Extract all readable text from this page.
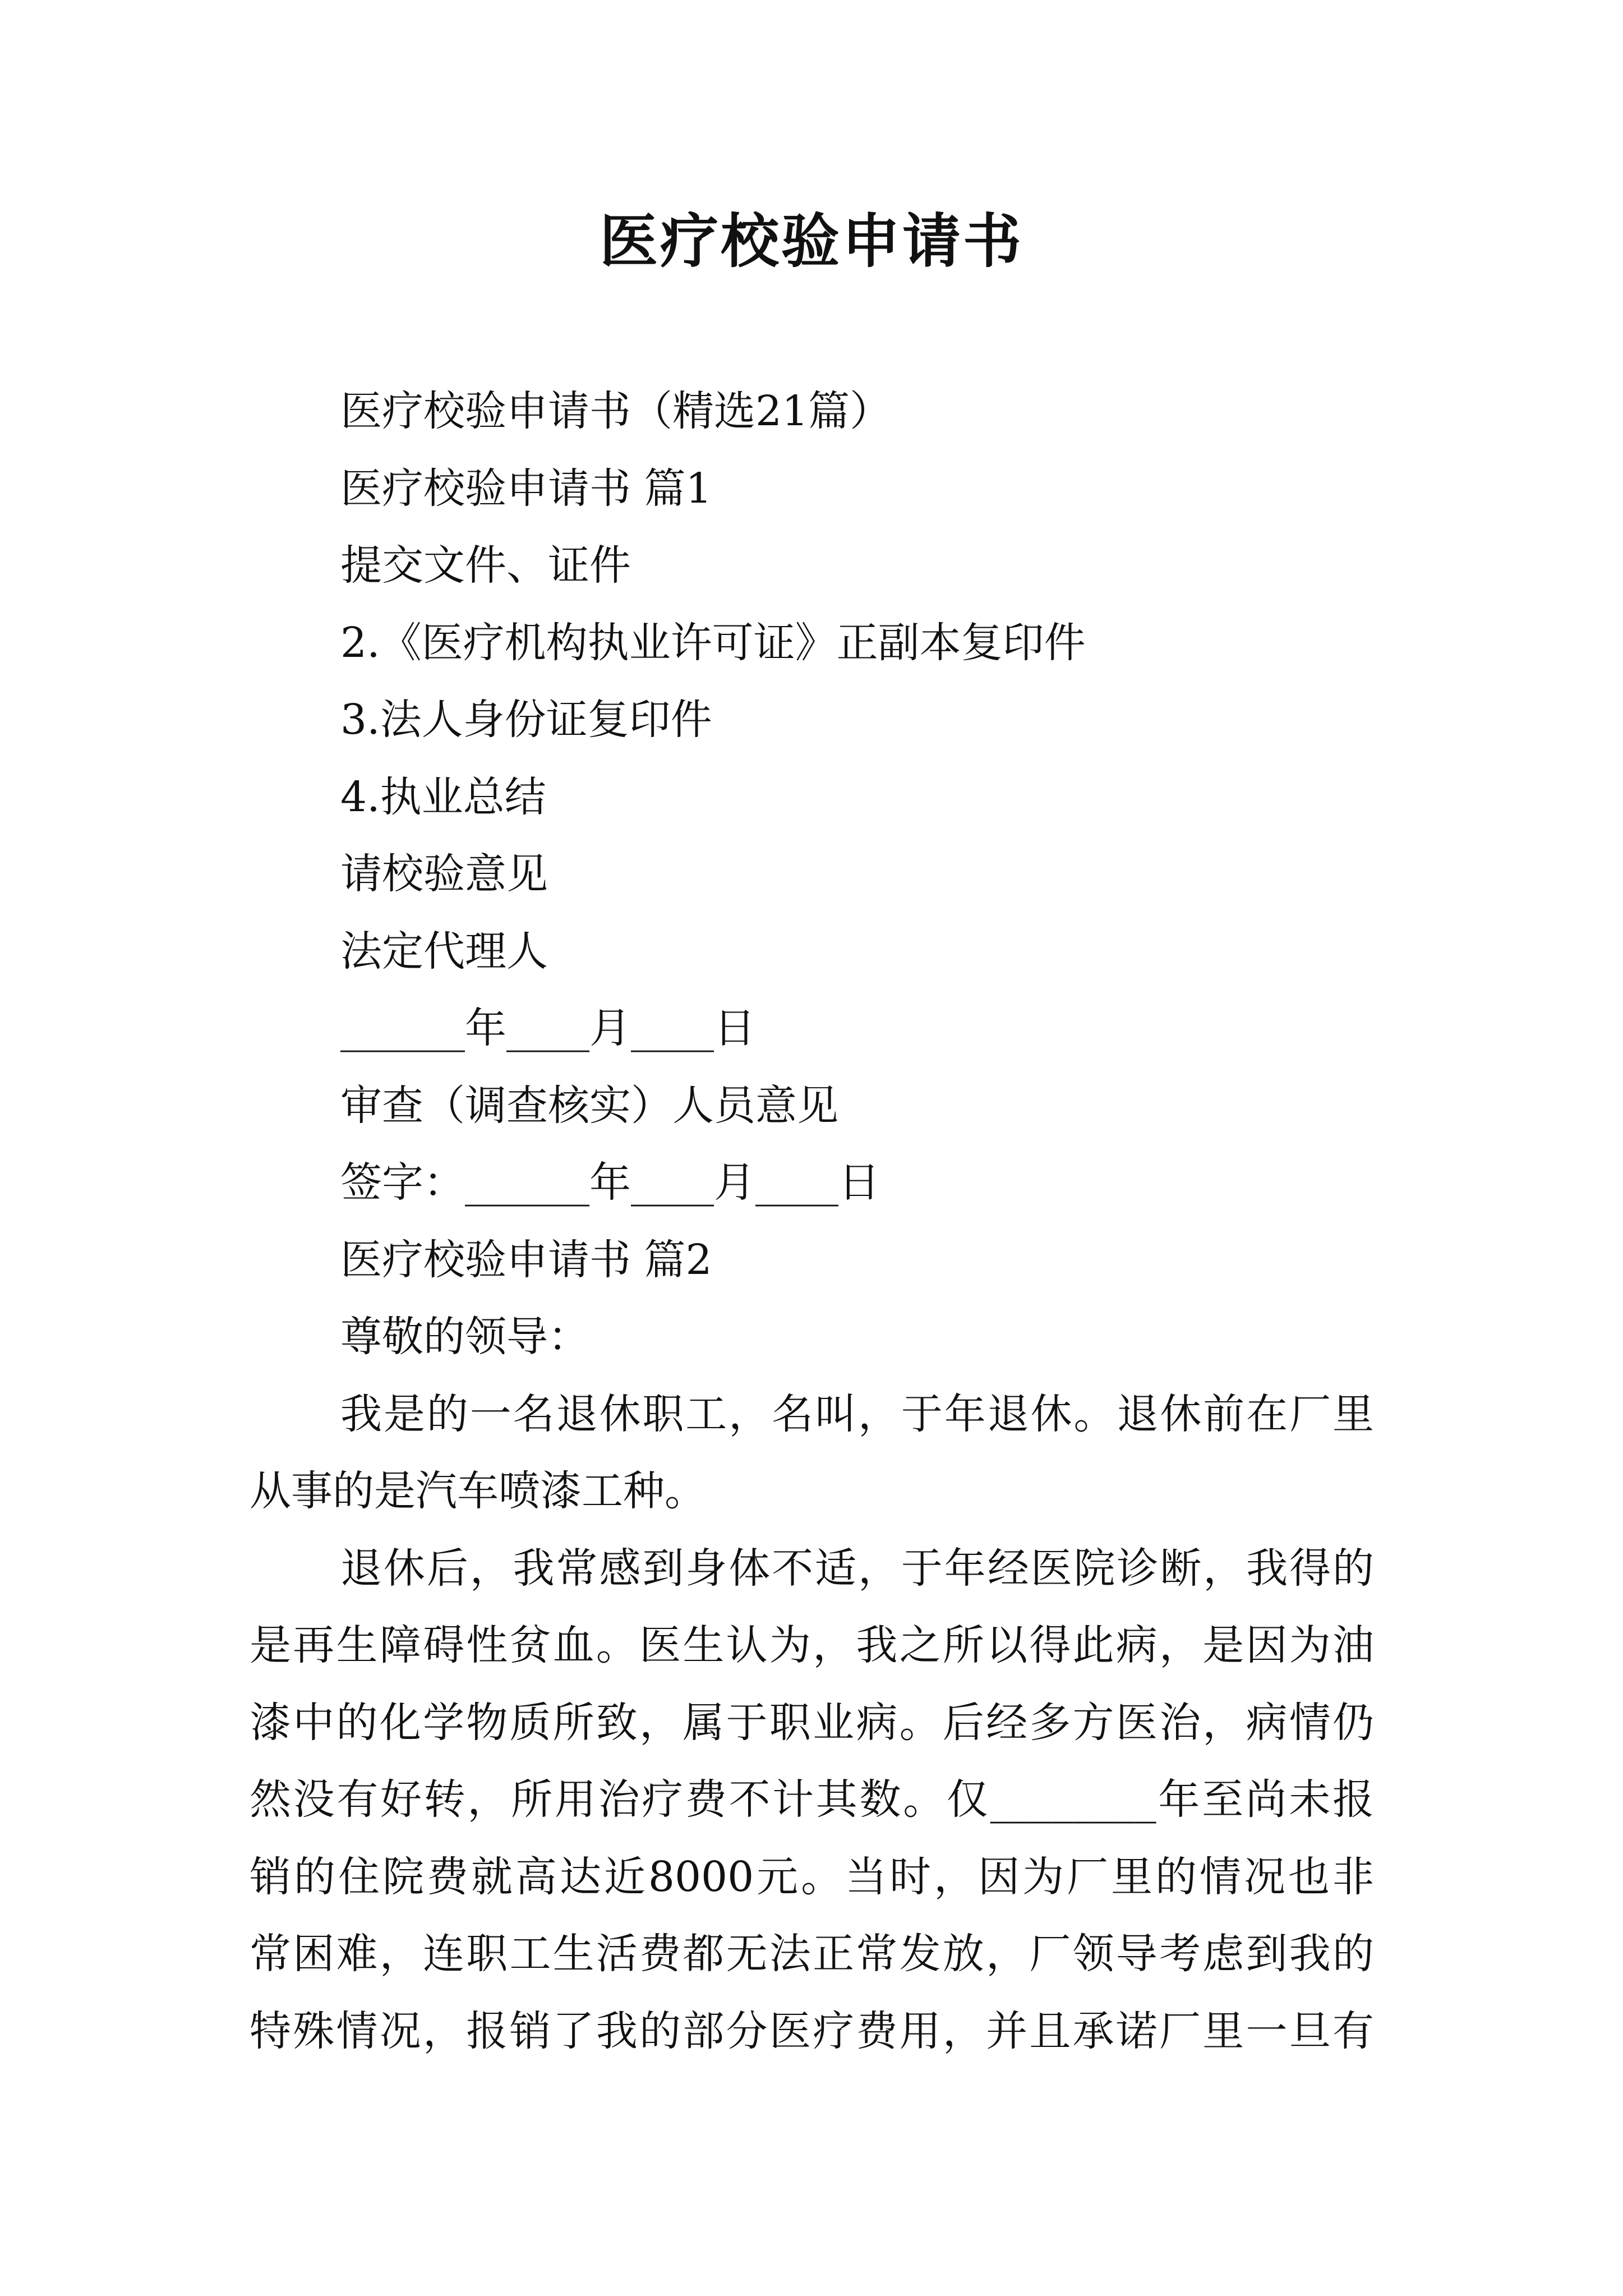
医疗校验申请书

医疗校验申请书（精选21篇）

医疗校验申请书 篇1

提交文件、证件

2.《医疗机构执业许可证》正副本复印件

3.法人身份证复印件

4.执业总结

请校验意见

法定代理人

______年____月____日

审查（调查核实）人员意见

签字：______年____月____日

医疗校验申请书 篇2

尊敬的领导：

我是的一名退休职工，名叫，于年退休。退休前在厂里
从事的是汽车喷漆工种。
退休后，我常感到身体不适，于年经医院诊断，我得的
是再生障碍性贫血。医生认为，我之所以得此病，是因为油
漆中的化学物质所致，属于职业病。后经多方医治，病情仍
然没有好转，所用治疗费不计其数。仅________年至尚未报
销的住院费就高达近8000元。当时，因为厂里的情况也非
常困难，连职工生活费都无法正常发放，厂领导考虑到我的
特殊情况，报销了我的部分医疗费用，并且承诺厂里一旦有
